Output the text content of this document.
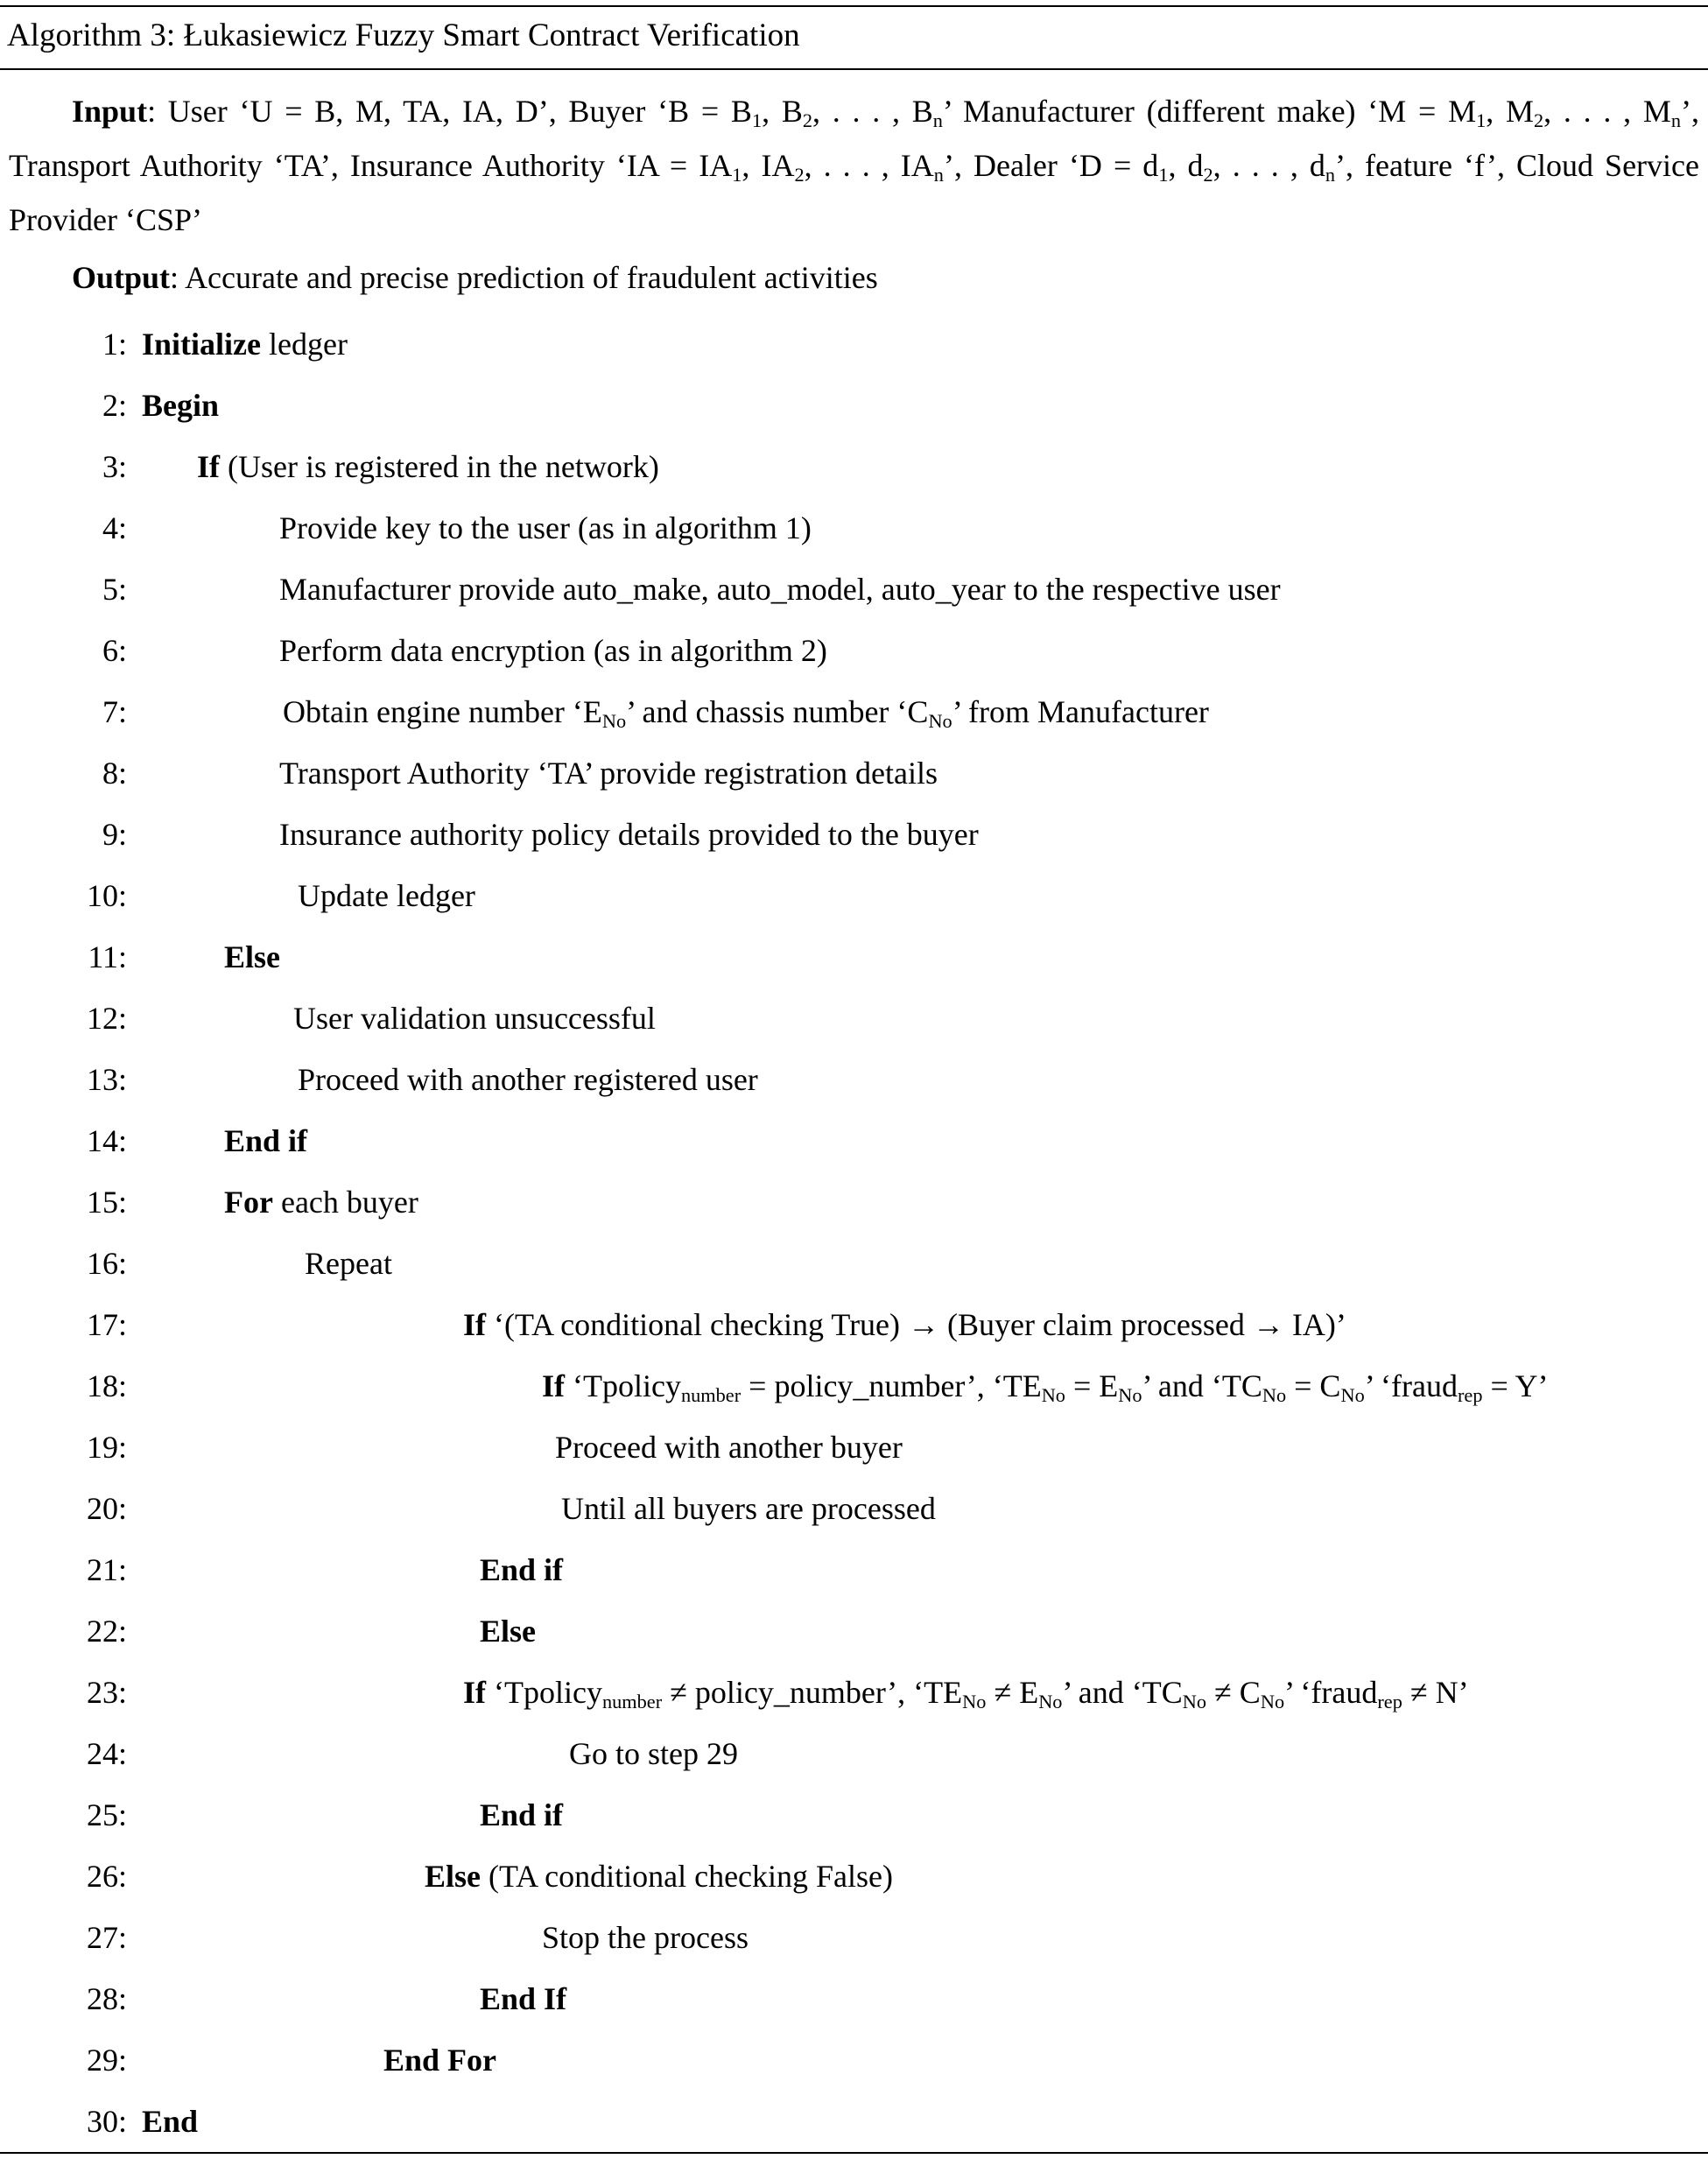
Algorithm 3: Łukasiewicz Fuzzy Smart Contract Verification
Input: User ‘U = B, M, TA, IA, D’, Buyer ‘$B = B_1$, $B_2$, . . . , $B_n$’ Manufacturer (different make) ‘$M = M_1$, $M_2$, . . . , $M_n$’, Transport Authority ‘TA’, Insurance Authority ‘IA = $IA_1$, $IA_2$, . . . , $IA_n$’, Dealer ‘$D = d_1$, $d_2$, . . . , $d_n$’, feature ‘f’, Cloud Service Provider ‘CSP’
Output: Accurate and precise prediction of fraudulent activities
1: Initialize ledger
2: Begin
3: If (User is registered in the network)
4:	Provide key to the user (as in algorithm 1)
5:	Manufacturer provide auto_make, auto_model, auto_year to the respective user
6:	Perform data encryption (as in algorithm 2)
7:	Obtain engine number ‘$E_{No}$’ and chassis number ‘$C_{No}$’ from Manufacturer
8:	Transport Authority ‘TA’ provide registration details
9:	Insurance authority policy details provided to the buyer
10:	Update ledger
11:	Else
12:	User validation unsuccessful
13:	Proceed with another registered user
14:	End if
15:	For each buyer
16:	Repeat
17:	If ‘(TA conditional checking True) → (Buyer claim processed → IA)’
18:	If ‘Tpolicy$_{number}$ = policy_number’, ‘$TE_{No} = E_{No}$’ and ‘$TC_{No} = C_{No}$’ ‘fraud$_{rep}$ = Y’
19:	Proceed with another buyer
20:	Until all buyers are processed
21:	End if
22:	Else
23:	If ‘Tpolicy$_{number}$ ≠ policy_number’, ‘$TE_{No} \ne E_{No}$’ and ‘$TC_{No} \ne C_{No}$’ ‘fraud$_{rep}$ ≠ N’
24:	Go to step 29
25:	End if
26:	Else (TA conditional checking False)
27:	Stop the process
28:	End If
29:	End For
30: End
